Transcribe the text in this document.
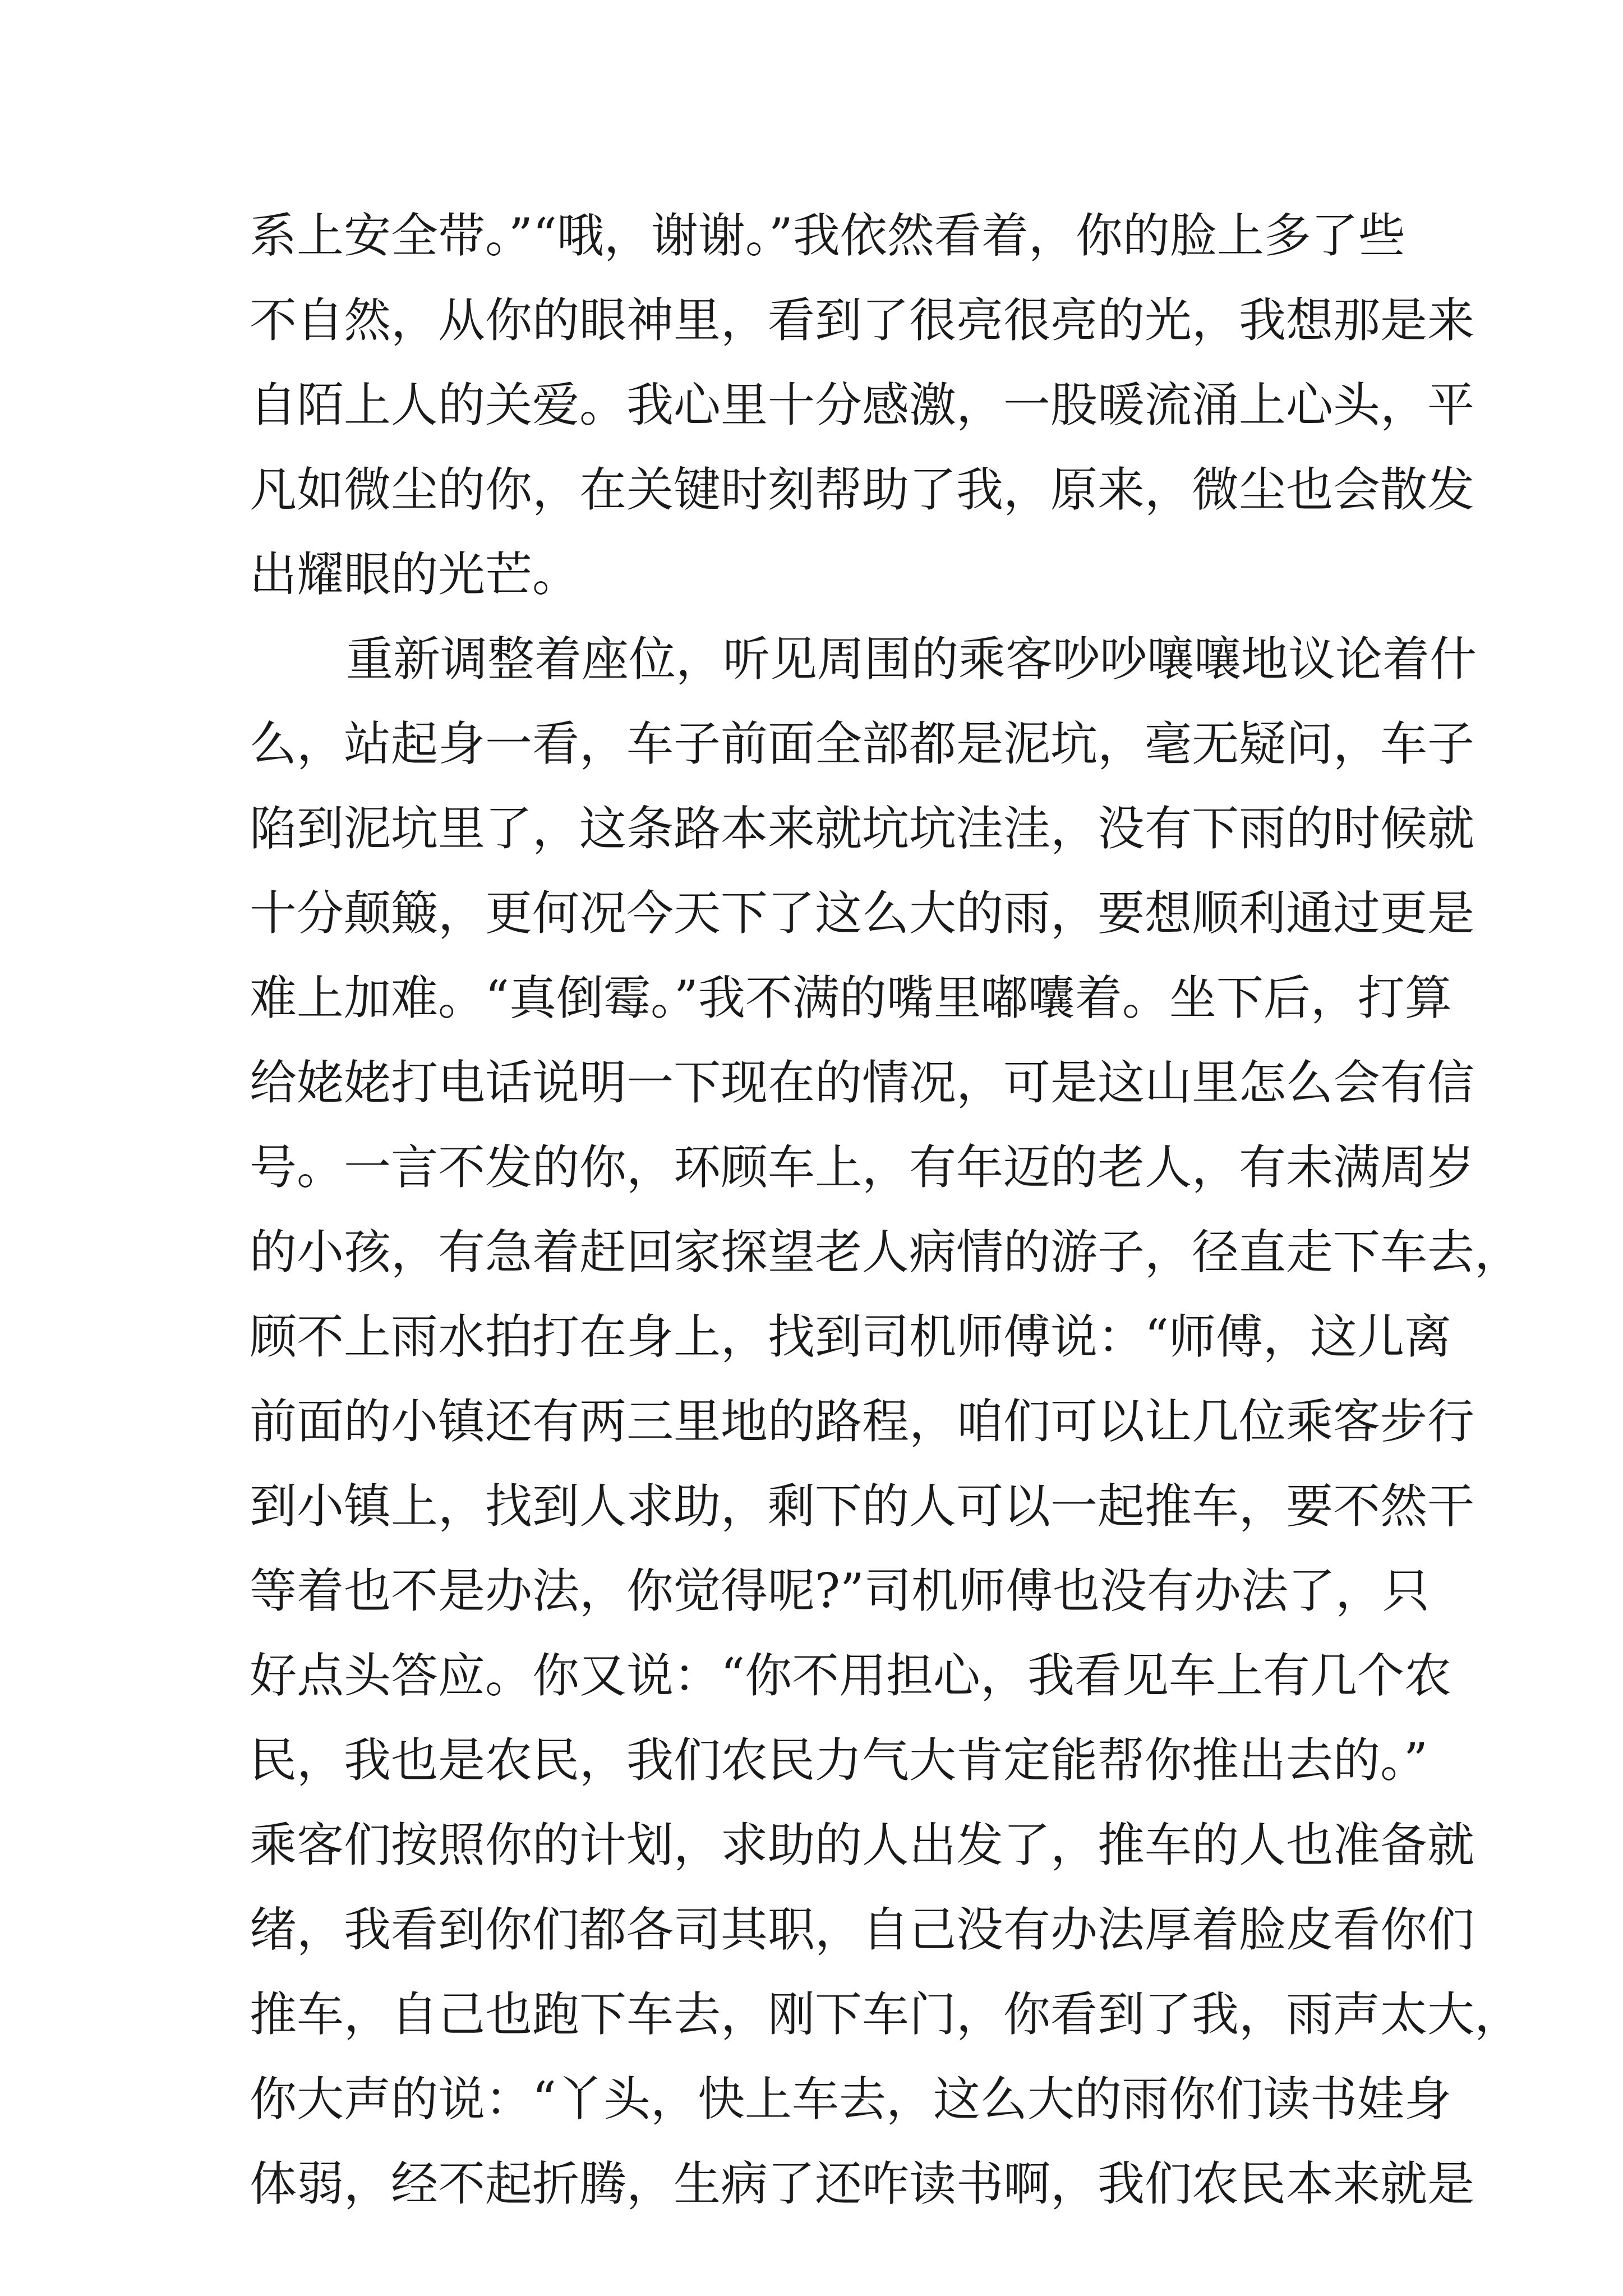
系上安全带。”“哦，谢谢。”我依然看着，你的脸上多了些
不自然，从你的眼神里，看到了很亮很亮的光，我想那是来
自陌上人的关爱。我心里十分感激，一股暖流涌上心头，平
凡如微尘的你，在关键时刻帮助了我，原来，微尘也会散发
出耀眼的光芒。
重新调整着座位，听见周围的乘客吵吵嚷嚷地议论着什
么，站起身一看，车子前面全部都是泥坑，毫无疑问，车子
陷到泥坑里了，这条路本来就坑坑洼洼，没有下雨的时候就
十分颠簸，更何况今天下了这么大的雨，要想顺利通过更是
难上加难。“真倒霉。”我不满的嘴里嘟囔着。坐下后，打算
给姥姥打电话说明一下现在的情况，可是这山里怎么会有信
号。一言不发的你，环顾车上，有年迈的老人，有未满周岁
的小孩，有急着赶回家探望老人病情的游子，径直走下车去，
顾不上雨水拍打在身上，找到司机师傅说：“师傅，这儿离
前面的小镇还有两三里地的路程，咱们可以让几位乘客步行
到小镇上，找到人求助，剩下的人可以一起推车，要不然干
等着也不是办法，你觉得呢?”司机师傅也没有办法了，只
好点头答应。你又说：“你不用担心，我看见车上有几个农
民，我也是农民，我们农民力气大肯定能帮你推出去的。”
乘客们按照你的计划，求助的人出发了，推车的人也准备就
绪，我看到你们都各司其职，自己没有办法厚着脸皮看你们
推车，自己也跑下车去，刚下车门，你看到了我，雨声太大，
你大声的说：“丫头，快上车去，这么大的雨你们读书娃身
体弱，经不起折腾，生病了还咋读书啊，我们农民本来就是
